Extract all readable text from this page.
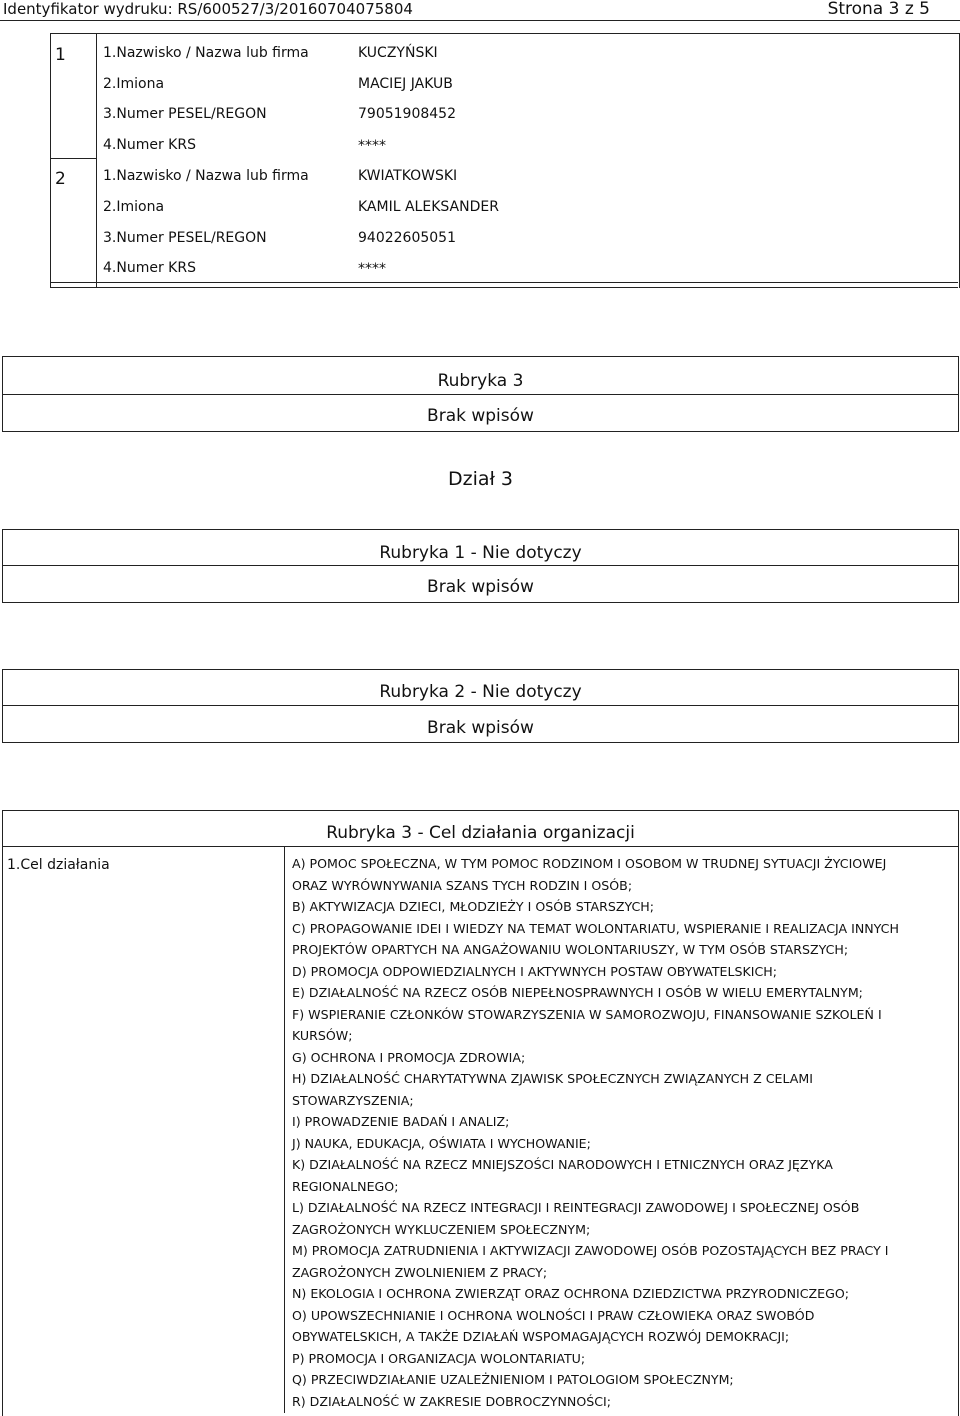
Identyfikator wydruku: RS/600527/3/20160704075804	Strona 3 z 5
1	1.Nazwisko / Nazwa lub firma	KUCZYŃSKI
2.Imiona	MACIEJ JAKUB
3.Numer PESEL/REGON	79051908452
4.Numer KRS	****
2	1.Nazwisko / Nazwa lub firma	KWIATKOWSKI
2.Imiona	KAMIL ALEKSANDER
3.Numer PESEL/REGON	94022605051
4.Numer KRS	****
Rubryka 3
Brak wpisów
Dział 3
Rubryka 1 - Nie dotyczy
Brak wpisów
Rubryka 2 - Nie dotyczy
Brak wpisów
Rubryka 3 - Cel działania organizacji
1.Cel działania	A) POMOC SPOŁECZNA, W TYM POMOC RODZINOM I OSOBOM W TRUDNEJ SYTUACJI ŻYCIOWEJ
ORAZ WYRÓWNYWANIA SZANS TYCH RODZIN I OSÓB;
B) AKTYWIZACJA DZIECI, MŁODZIEŻY I OSÓB STARSZYCH;
C) PROPAGOWANIE IDEI I WIEDZY NA TEMAT WOLONTARIATU, WSPIERANIE I REALIZACJA INNYCH
PROJEKTÓW OPARTYCH NA ANGAŻOWANIU WOLONTARIUSZY, W TYM OSÓB STARSZYCH;
D) PROMOCJA ODPOWIEDZIALNYCH I AKTYWNYCH POSTAW OBYWATELSKICH;
E) DZIAŁALNOŚĆ NA RZECZ OSÓB NIEPEŁNOSPRAWNYCH I OSÓB W WIELU EMERYTALNYM;
F) WSPIERANIE CZŁONKÓW STOWARZYSZENIA W SAMOROZWOJU, FINANSOWANIE SZKOLEŃ I
KURSÓW;
G) OCHRONA I PROMOCJA ZDROWIA;
H) DZIAŁALNOŚĆ CHARYTATYWNA ZJAWISK SPOŁECZNYCH ZWIĄZANYCH Z CELAMI
STOWARZYSZENIA;
I) PROWADZENIE BADAŃ I ANALIZ;
J) NAUKA, EDUKACJA, OŚWIATA I WYCHOWANIE;
K) DZIAŁALNOŚĆ NA RZECZ MNIEJSZOŚCI NARODOWYCH I ETNICZNYCH ORAZ JĘZYKA
REGIONALNEGO;
L) DZIAŁALNOŚĆ NA RZECZ INTEGRACJI I REINTEGRACJI ZAWODOWEJ I SPOŁECZNEJ OSÓB
ZAGROŻONYCH WYKLUCZENIEM SPOŁECZNYM;
M) PROMOCJA ZATRUDNIENIA I AKTYWIZACJI ZAWODOWEJ OSÓB POZOSTAJĄCYCH BEZ PRACY I
ZAGROŻONYCH ZWOLNIENIEM Z PRACY;
N) EKOLOGIA I OCHRONA ZWIERZĄT ORAZ OCHRONA DZIEDZICTWA PRZYRODNICZEGO;
O) UPOWSZECHNIANIE I OCHRONA WOLNOŚCI I PRAW CZŁOWIEKA ORAZ SWOBÓD
OBYWATELSKICH, A TAKŻE DZIAŁAŃ WSPOMAGAJĄCYCH ROZWÓJ DEMOKRACJI;
P) PROMOCJA I ORGANIZACJA WOLONTARIATU;
Q) PRZECIWDZIAŁANIE UZALEŻNIENIOM I PATOLOGIOM SPOŁECZNYM;
R) DZIAŁALNOŚĆ W ZAKRESIE DOBROCZYNNOŚCI;
